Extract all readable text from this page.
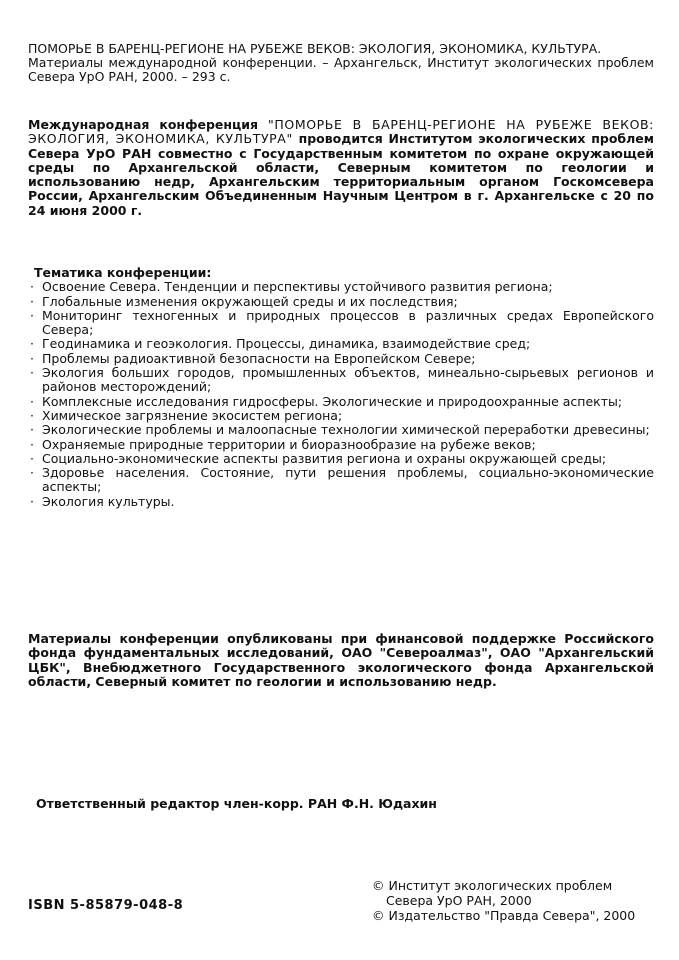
ПОМОРЬЕ В БАРЕНЦ-РЕГИОНЕ НА РУБЕЖЕ ВЕКОВ: ЭКОЛОГИЯ, ЭКОНОМИКА, КУЛЬТУРА.
Материалы международной конференции. – Архангельск, Институт экологических проблем Севера УрО РАН, 2000. – 293 с.
Международная конференция "ПОМОРЬЕ В БАРЕНЦ-РЕГИОНЕ НА РУБЕЖЕ ВЕКОВ: ЭКОЛОГИЯ, ЭКОНОМИКА, КУЛЬТУРА" проводится Институтом экологических проблем Севера УрО РАН совместно с Государственным комитетом по охране окружающей среды по Архангельской области, Северным комитетом по геологии и использованию недр, Архангельским территориальным органом Госкомсевера России, Архангельским Объединенным Научным Центром в г. Архангельске с 20 по 24 июня 2000 г.
Тематика конференции:
· Освоение Севера. Тенденции и перспективы устойчивого развития региона;
· Глобальные изменения окружающей среды и их последствия;
· Мониторинг техногенных и природных процессов в различных средах Европейского Севера;
· Геодинамика и геоэкология. Процессы, динамика, взаимодействие сред;
· Проблемы радиоактивной безопасности на Европейском Севере;
· Экология больших городов, промышленных объектов, минеально-сырьевых регионов и районов месторождений;
· Комплексные исследования гидросферы. Экологические и природоохранные аспекты;
· Химическое загрязнение экосистем региона;
· Экологические проблемы и малоопасные технологии химической переработки древесины;
· Охраняемые природные территории и биоразнообразие на рубеже веков;
· Социально-экономические аспекты развития региона и охраны окружающей среды;
· Здоровье населения. Состояние, пути решения проблемы, социально-экономические аспекты;
· Экология культуры.
Материалы конференции опубликованы при финансовой поддержке Российского фонда фундаментальных исследований, ОАО "Североалмаз", ОАО "Архангельский ЦБК", Внебюджетного Государственного экологического фонда Архангельской области, Северный комитет по геологии и использованию недр.
Ответственный редактор член-корр. РАН Ф.Н. Юдахин
ISBN 5-85879-048-8
© Институт экологических проблем
Севера УрО РАН, 2000
© Издательство "Правда Севера", 2000
